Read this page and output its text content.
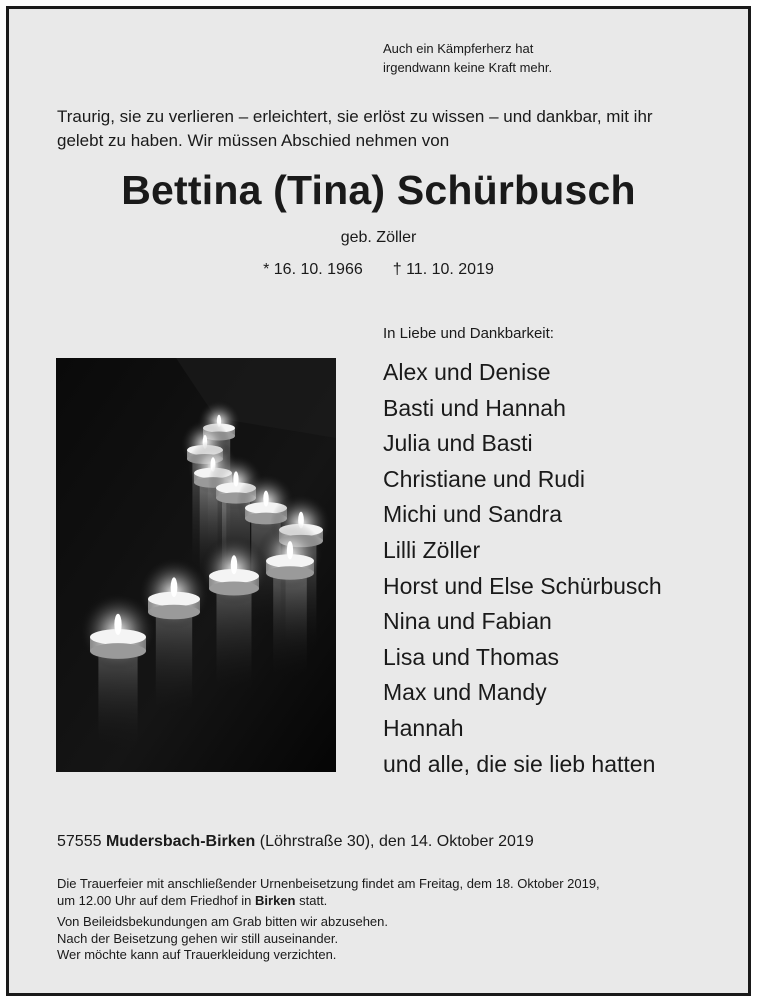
Auch ein Kämpferherz hat
irgendwann keine Kraft mehr.
Traurig, sie zu verlieren – erleichtert, sie erlöst zu wissen – und dankbar, mit ihr
gelebt zu haben. Wir müssen Abschied nehmen von
Bettina (Tina) Schürbusch
geb. Zöller
* 16. 10. 1966 † 11. 10. 2019
In Liebe und Dankbarkeit:
Alex und Denise
Basti und Hannah
Julia und Basti
Christiane und Rudi
Michi und Sandra
Lilli Zöller
Horst und Else Schürbusch
Nina und Fabian
Lisa und Thomas
Max und Mandy
Hannah
und alle, die sie lieb hatten
57555 Mudersbach-Birken (Löhrstraße 30), den 14. Oktober 2019
Die Trauerfeier mit anschließender Urnenbeisetzung findet am Freitag, dem 18. Oktober 2019,
um 12.00 Uhr auf dem Friedhof in Birken statt.
Von Beileidsbekundungen am Grab bitten wir abzusehen.
Nach der Beisetzung gehen wir still auseinander.
Wer möchte kann auf Trauerkleidung verzichten.
